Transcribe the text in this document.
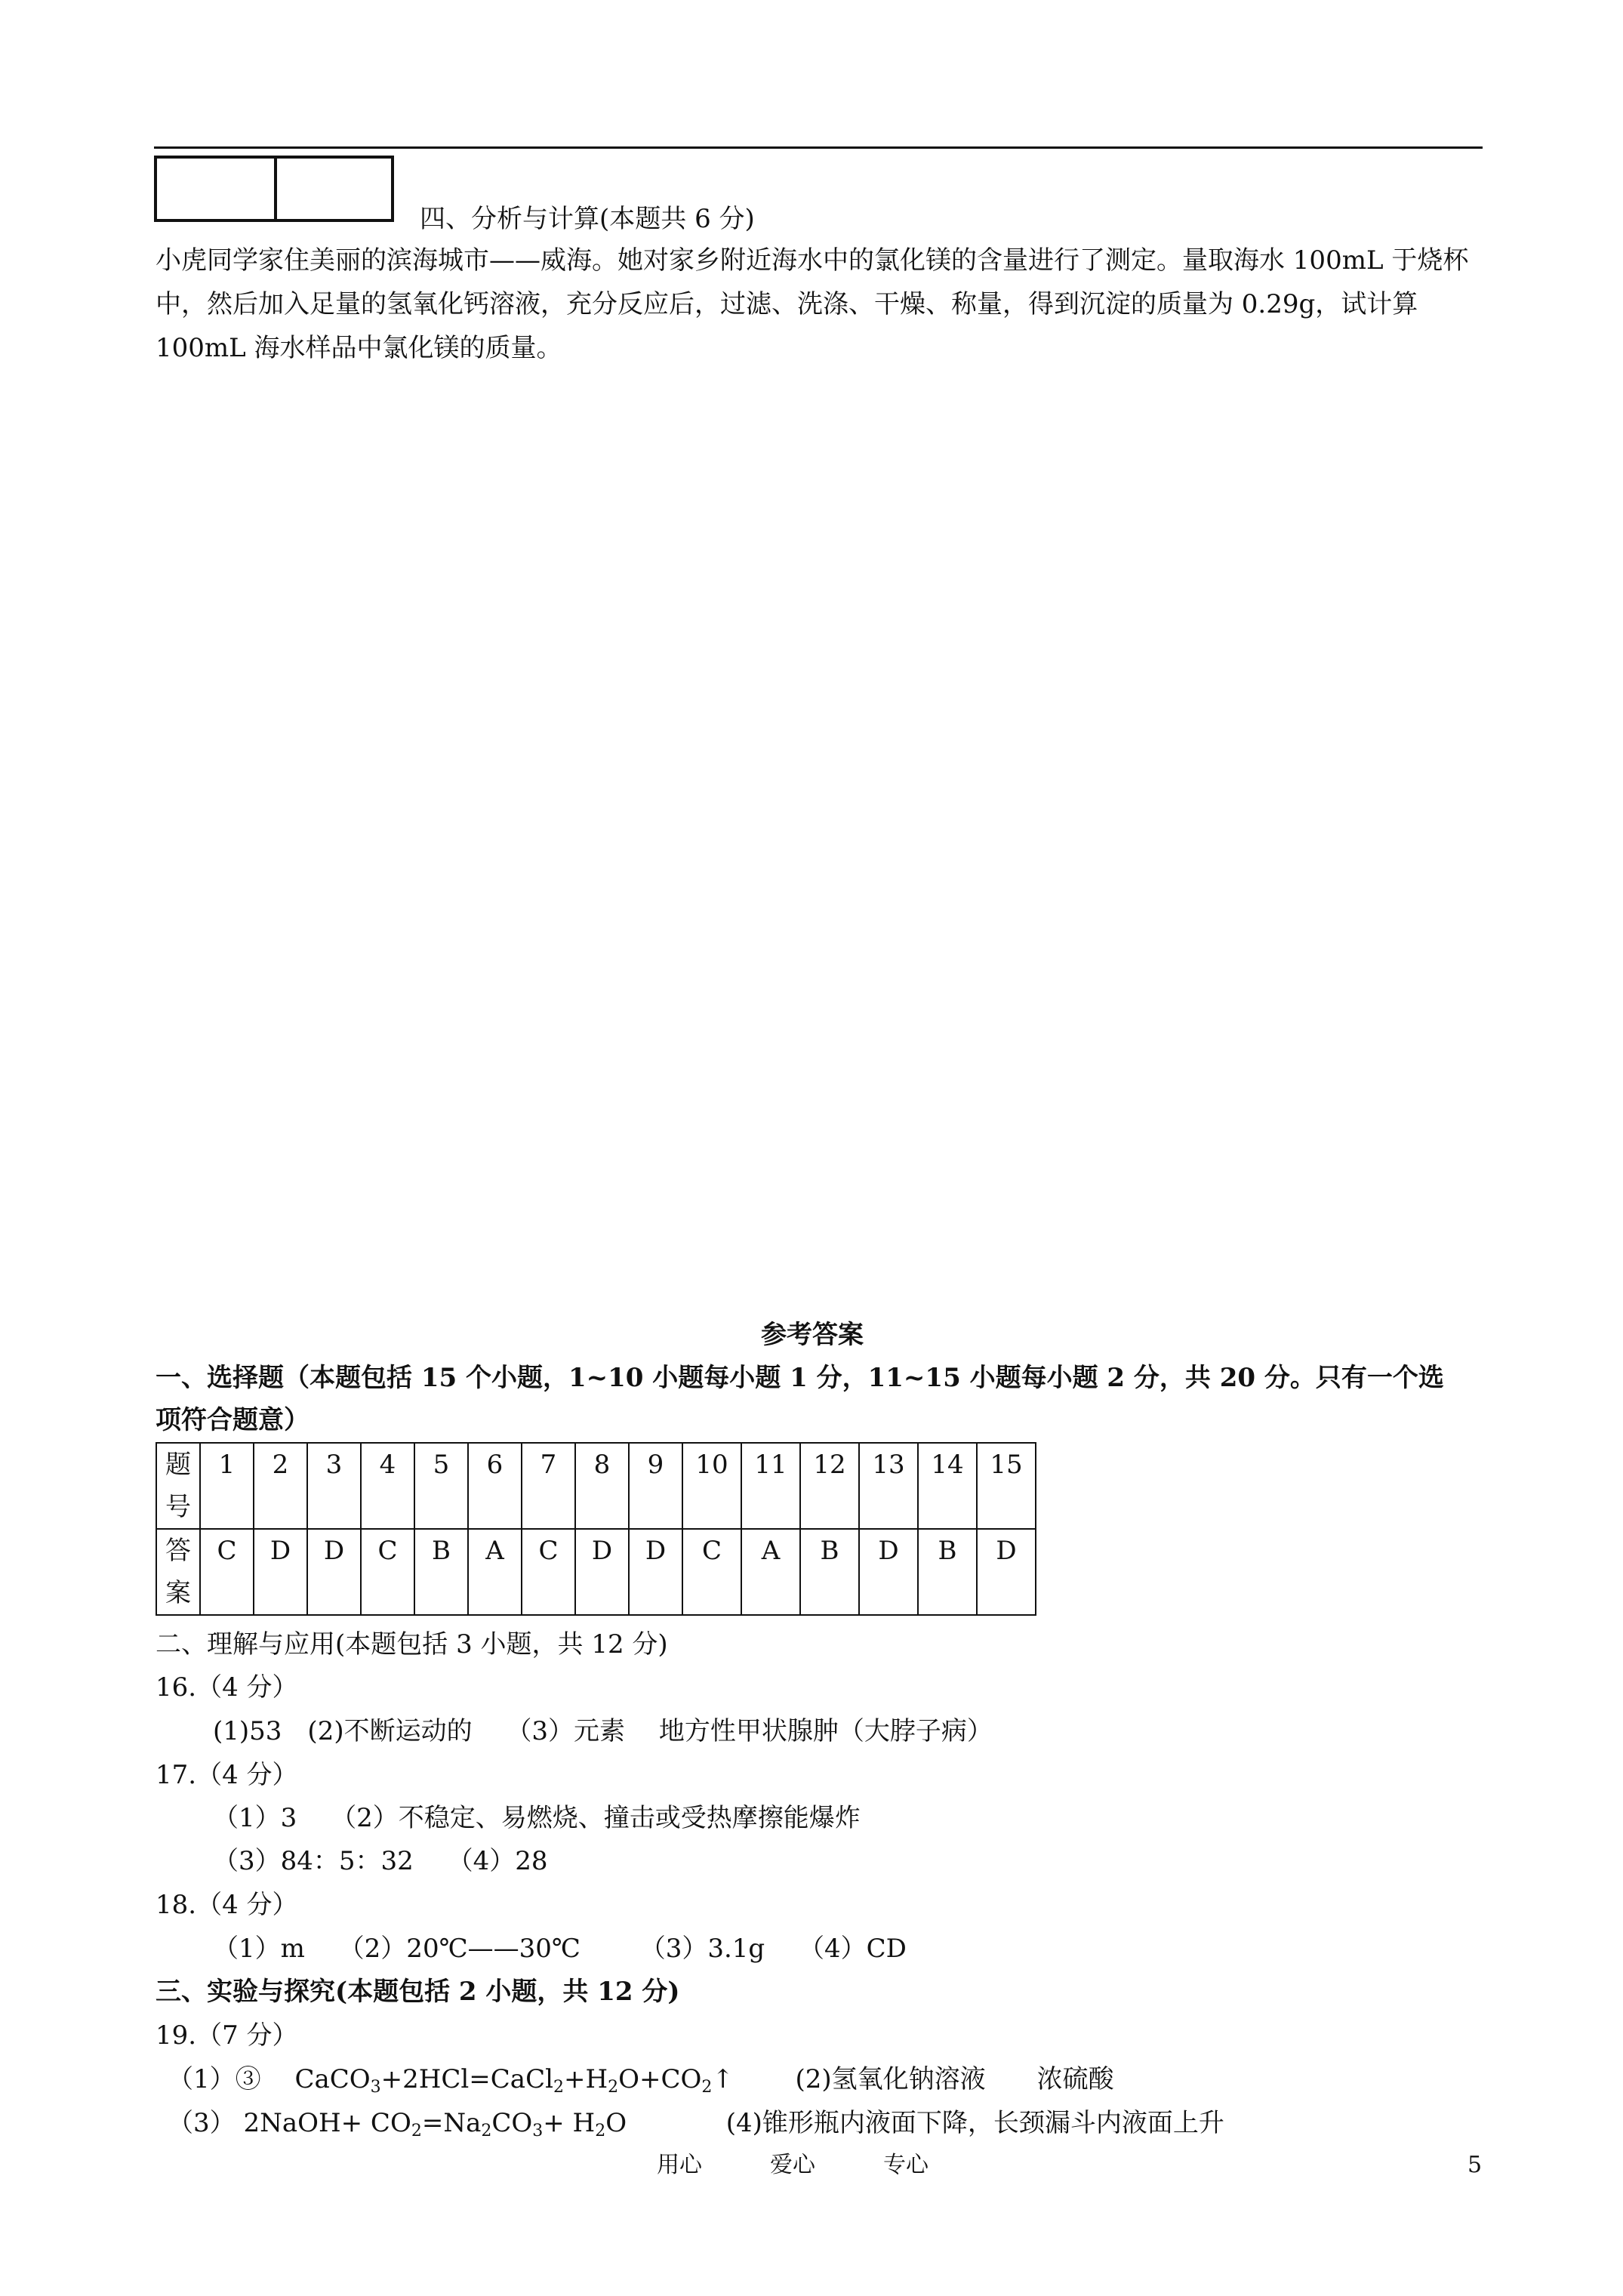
四、分析与计算(本题共 6 分)
小虎同学家住美丽的滨海城市——威海。她对家乡附近海水中的氯化镁的含量进行了测定。量取海水 100mL 于烧杯中，然后加入足量的氢氧化钙溶液，充分反应后，过滤、洗涤、干燥、称量，得到沉淀的质量为 0.29g，试计算 100mL 海水样品中氯化镁的质量。
参考答案
一、选择题（本题包括 15 个小题，1~10 小题每小题 1 分，11~15 小题每小题 2 分，共 20 分。只有一个选
项符合题意）
题
号	1	2	3	4	5	6	7	8	9	10	11	12	13	14	15
答
案	C	D	D	C	B	A	C	D	D	C	A	B	D	B	D
二、理解与应用(本题包括 3 小题，共 12 分)
16.（4 分）
(1)53　(2)不断运动的　 （3）元素　 地方性甲状腺肿（大脖子病）
17.（4 分）
（1）3　 （2）不稳定、易燃烧、撞击或受热摩擦能爆炸
（3）84：5：32　 （4）28
18.（4 分）
（1）m　 （2）20℃——30℃　　 （3）3.1g　 （4）CD
三、实验与探究(本题包括 2 小题，共 12 分)
19.（7 分）
（1）③　 $CaCO_3+2HCl=CaCl_2+H_2O+CO_2↑$ (2)氢氧化钠溶液　　浓硫酸
（3） 2NaOH+ $CO_2=Na_2CO_3+ H_2O$	(4)锥形瓶内液面下降，长颈漏斗内液面上升
用心　　　爱心　　　专心	5
